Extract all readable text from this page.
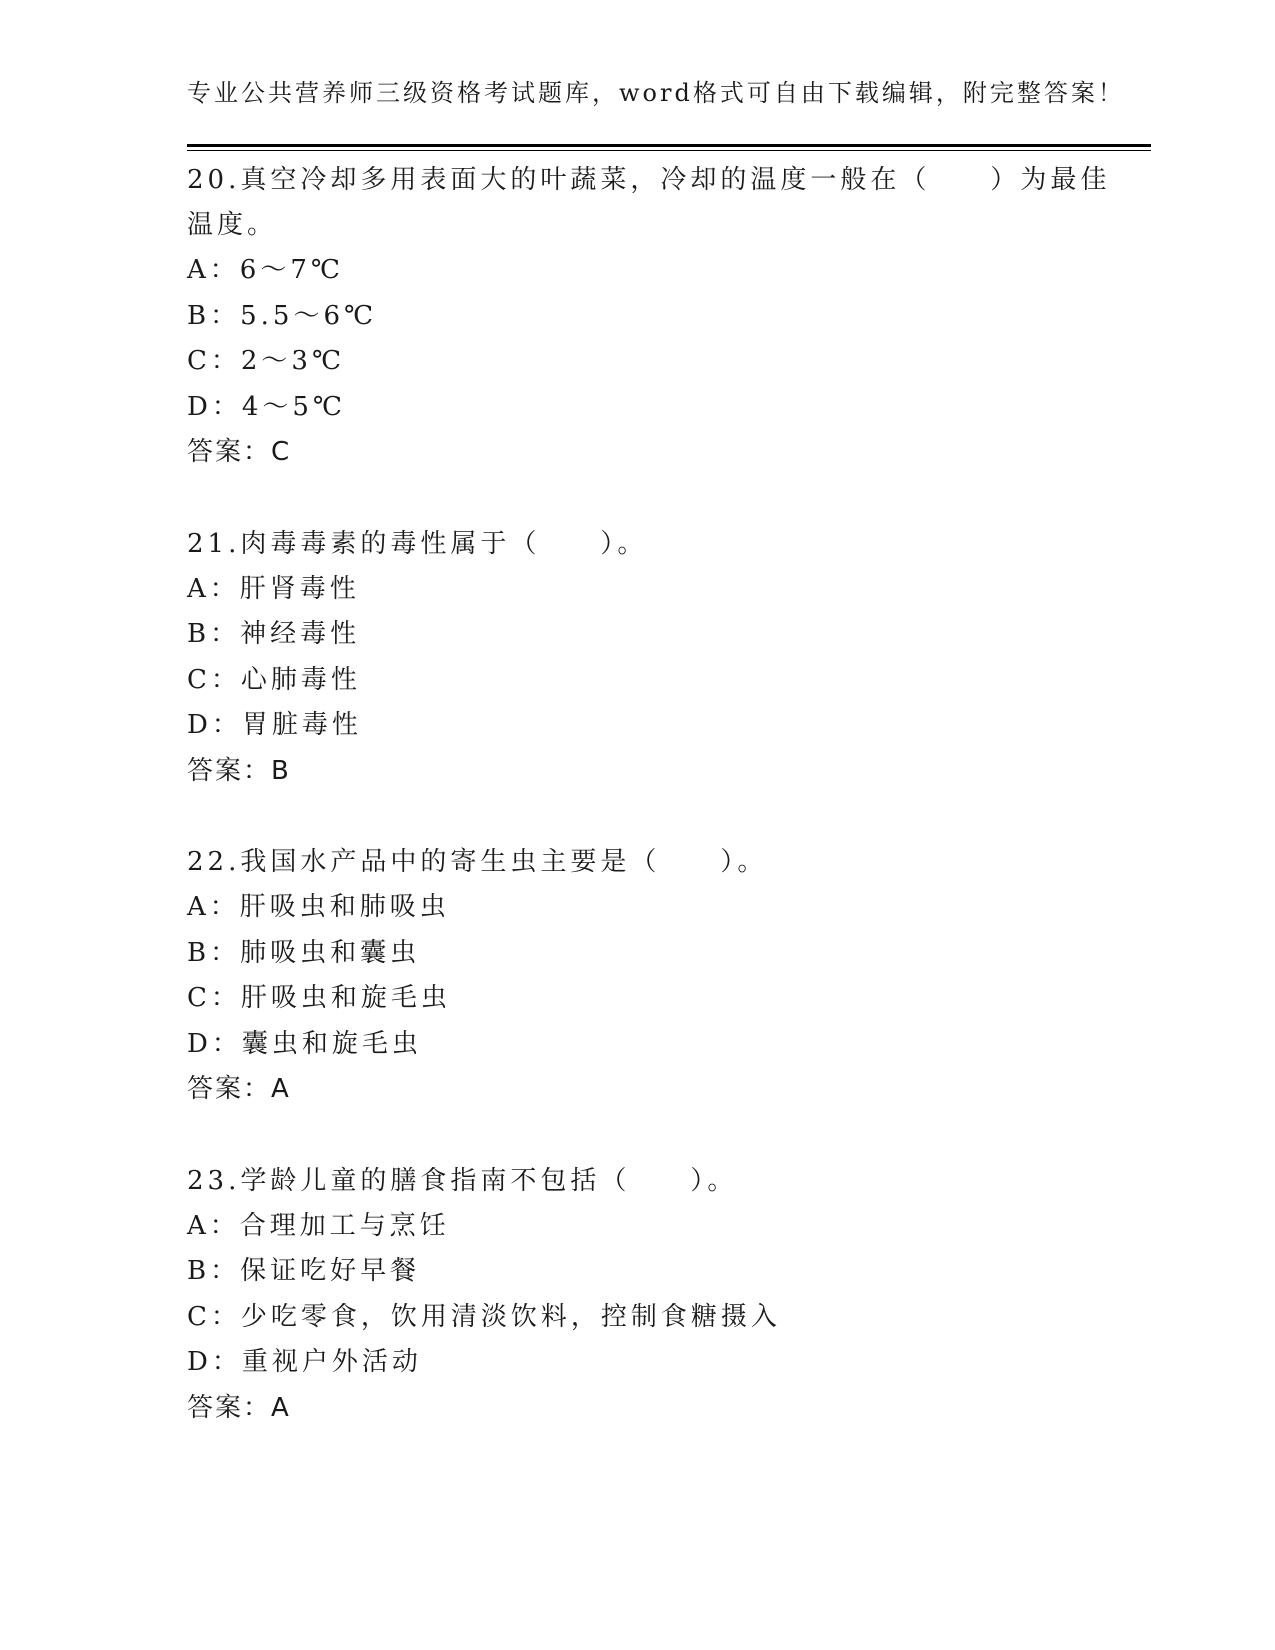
专业公共营养师三级资格考试题库，word格式可自由下载编辑，附完整答案！
20.真空冷却多用表面大的叶蔬菜，冷却的温度一般在（　　）为最佳温度。
A：6～7℃
B：5.5～6℃
C：2～3℃
D：4～5℃
答案：C
21.肉毒毒素的毒性属于（　　）。
A：肝肾毒性
B：神经毒性
C：心肺毒性
D：胃脏毒性
答案：B
22.我国水产品中的寄生虫主要是（　　）。
A：肝吸虫和肺吸虫
B：肺吸虫和囊虫
C：肝吸虫和旋毛虫
D：囊虫和旋毛虫
答案：A
23.学龄儿童的膳食指南不包括（　　）。
A：合理加工与烹饪
B：保证吃好早餐
C：少吃零食，饮用清淡饮料，控制食糖摄入
D：重视户外活动
答案：A
